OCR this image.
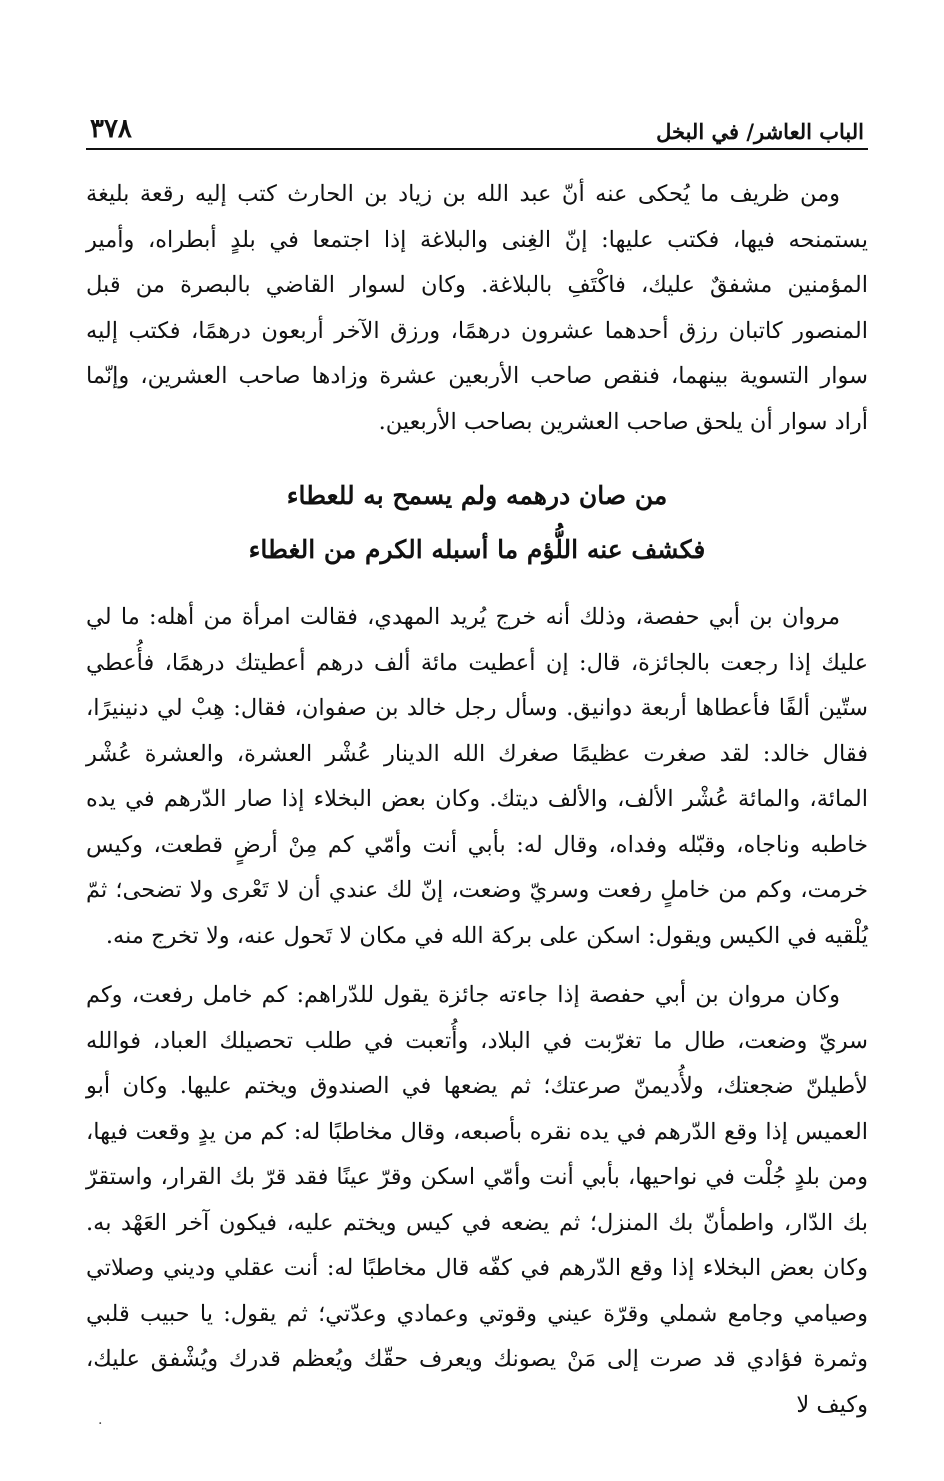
الباب العاشر/ في البخل
٣٧٨

ومن ظريف ما يُحكى عنه أنّ عبد الله بن زياد بن الحارث كتب إليه رقعة بليغة يستمنحه فيها، فكتب عليها: إنّ الغِنى والبلاغة إذا اجتمعا في بلدٍ أبطراه، وأمير المؤمنين مشفقٌ عليك، فاكْتَفِ بالبلاغة. وكان لسوار القاضي بالبصرة من قبل المنصور كاتبان رزق أحدهما عشرون درهمًا، ورزق الآخر أربعون درهمًا، فكتب إليه سوار التسوية بينهما، فنقص صاحب الأربعين عشرة وزادها صاحب العشرين، وإنّما أراد سوار أن يلحق صاحب العشرين بصاحب الأربعين.

من صان درهمه ولم يسمح به للعطاء
فكشف عنه اللُّؤم ما أسبله الكرم من الغطاء

مروان بن أبي حفصة، وذلك أنه خرج يُريد المهدي، فقالت امرأة من أهله: ما لي عليك إذا رجعت بالجائزة، قال: إن أعطيت مائة ألف درهم أعطيتك درهمًا، فأُعطي ستّين ألفًا فأعطاها أربعة دوانيق. وسأل رجل خالد بن صفوان، فقال: هِبْ لي دنينيرًا، فقال خالد: لقد صغرت عظيمًا صغرك الله الدينار عُشْر العشرة، والعشرة عُشْر المائة، والمائة عُشْر الألف، والألف ديتك. وكان بعض البخلاء إذا صار الدّرهم في يده خاطبه وناجاه، وقبّله وفداه، وقال له: بأبي أنت وأمّي كم مِنْ أرضٍ قطعت، وكيس خرمت، وكم من خاملٍ رفعت وسريّ وضعت، إنّ لك عندي أن لا تَعْرى ولا تضحى؛ ثمّ يُلْقيه في الكيس ويقول: اسكن على بركة الله في مكان لا تَحول عنه، ولا تخرج منه.

وكان مروان بن أبي حفصة إذا جاءته جائزة يقول للدّراهم: كم خامل رفعت، وكم سريّ وضعت، طال ما تغرّبت في البلاد، وأُتعبت في طلب تحصيلك العباد، فوالله لأطيلنّ ضجعتك، ولأُديمنّ صرعتك؛ ثم يضعها في الصندوق ويختم عليها. وكان أبو العميس إذا وقع الدّرهم في يده نقره بأصبعه، وقال مخاطبًا له: كم من يدٍ وقعت فيها، ومن بلدٍ جُلْت في نواحيها، بأبي أنت وأمّي اسكن وقرّ عينًا فقد قرّ بك القرار، واستقرّ بك الدّار، واطمأنّ بك المنزل؛ ثم يضعه في كيس ويختم عليه، فيكون آخر العَهْد به. وكان بعض البخلاء إذا وقع الدّرهم في كفّه قال مخاطبًا له: أنت عقلي وديني وصلاتي وصيامي وجامع شملي وقرّة عيني وقوتي وعمادي وعدّتي؛ ثم يقول: يا حبيب قلبي وثمرة فؤادي قد صرت إلى مَنْ يصونك ويعرف حقّك ويُعظم قدرك ويُشْفق عليك، وكيف لا

.
